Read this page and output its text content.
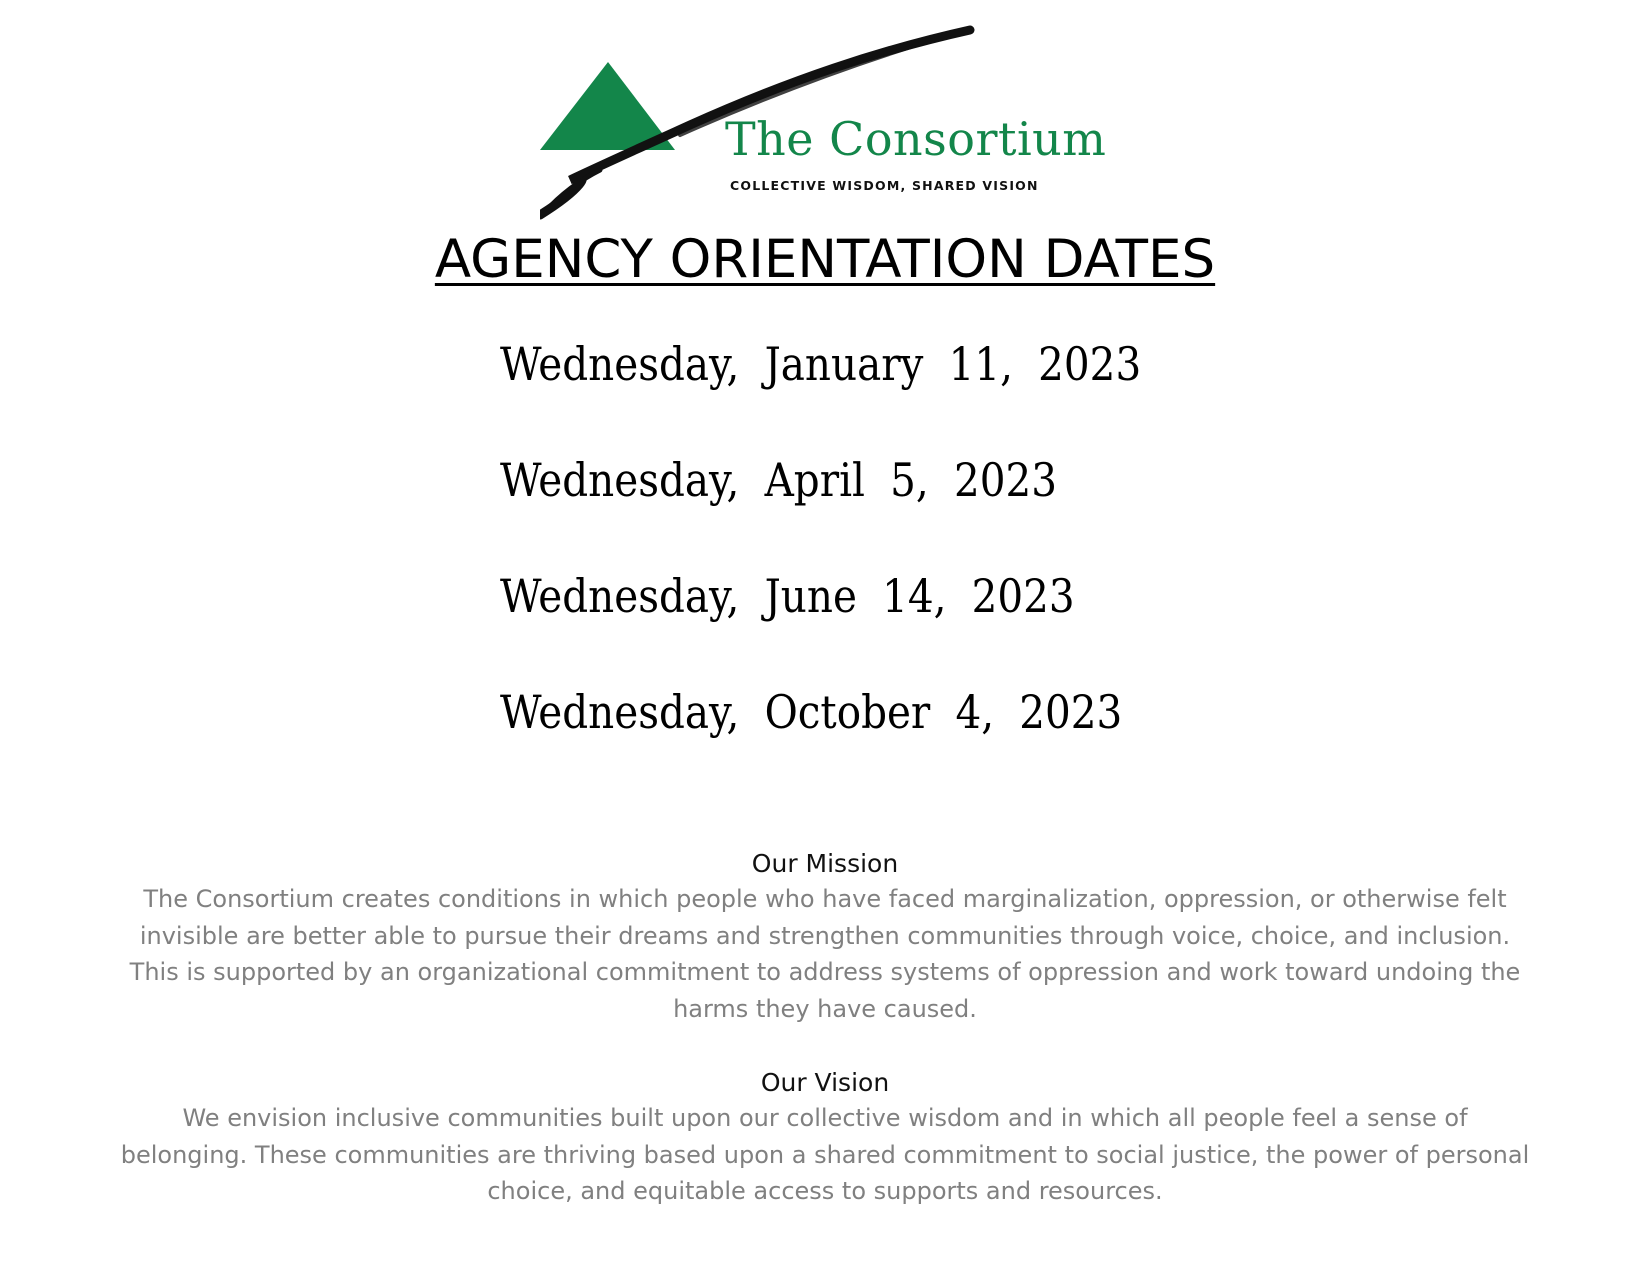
The Consortium
COLLECTIVE WISDOM, SHARED VISION
AGENCY ORIENTATION DATES
Wednesday, January 11, 2023
Wednesday, April 5, 2023
Wednesday, June 14, 2023
Wednesday, October 4, 2023
Our Mission

The Consortium creates conditions in which people who have faced marginalization, oppression, or otherwise felt invisible are better able to pursue their dreams and strengthen communities through voice, choice, and inclusion. This is supported by an organizational commitment to address systems of oppression and work toward undoing the harms they have caused.

Our Vision

We envision inclusive communities built upon our collective wisdom and in which all people feel a sense of belonging. These communities are thriving based upon a shared commitment to social justice, the power of personal choice, and equitable access to supports and resources.
